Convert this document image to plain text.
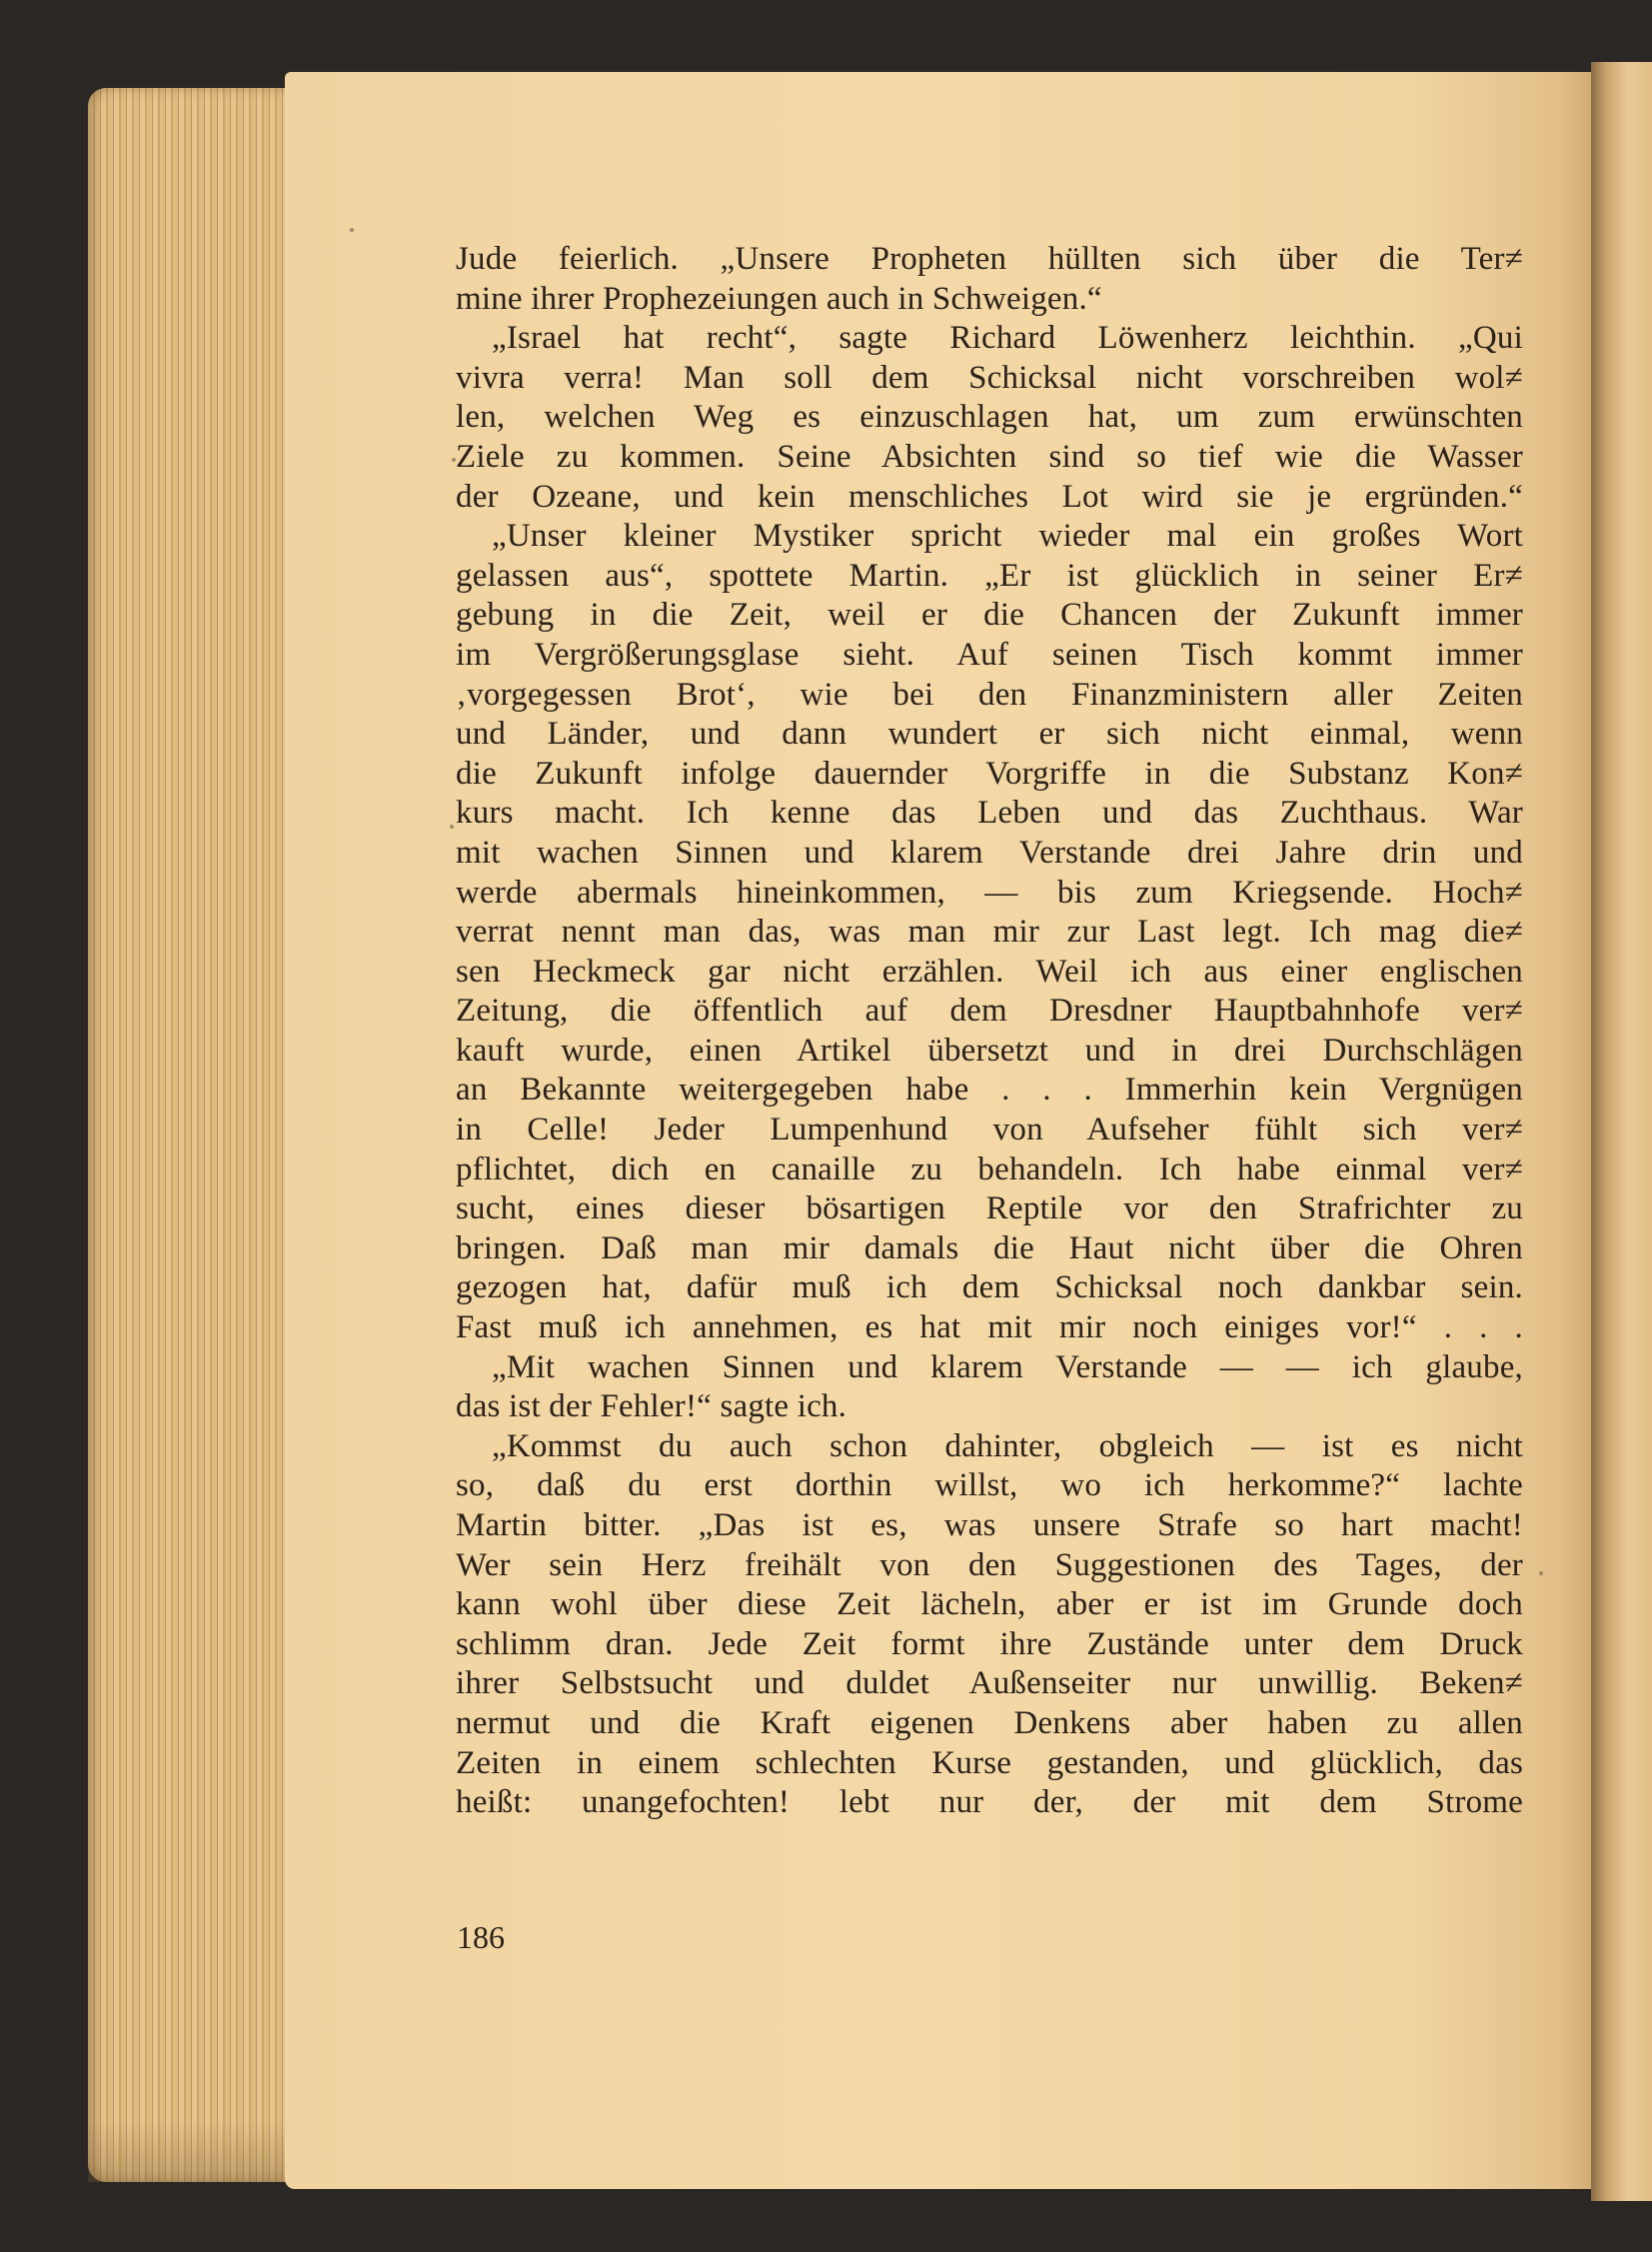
Jude feierlich. „Unsere Propheten hüllten sich über die Ter≠
mine ihrer Prophezeiungen auch in Schweigen.“
„Israel hat recht“, sagte Richard Löwenherz leichthin. „Qui
vivra verra! Man soll dem Schicksal nicht vorschreiben wol≠
len, welchen Weg es einzuschlagen hat, um zum erwünschten
Ziele zu kommen. Seine Absichten sind so tief wie die Wasser
der Ozeane, und kein menschliches Lot wird sie je ergründen.“
„Unser kleiner Mystiker spricht wieder mal ein großes Wort
gelassen aus“, spottete Martin. „Er ist glücklich in seiner Er≠
gebung in die Zeit, weil er die Chancen der Zukunft immer
im Vergrößerungsglase sieht. Auf seinen Tisch kommt immer
‚vorgegessen Brot‘, wie bei den Finanzministern aller Zeiten
und Länder, und dann wundert er sich nicht einmal, wenn
die Zukunft infolge dauernder Vorgriffe in die Substanz Kon≠
kurs macht. Ich kenne das Leben und das Zuchthaus. War
mit wachen Sinnen und klarem Verstande drei Jahre drin und
werde abermals hineinkommen, — bis zum Kriegsende. Hoch≠
verrat nennt man das, was man mir zur Last legt. Ich mag die≠
sen Heckmeck gar nicht erzählen. Weil ich aus einer englischen
Zeitung, die öffentlich auf dem Dresdner Hauptbahnhofe ver≠
kauft wurde, einen Artikel übersetzt und in drei Durchschlägen
an Bekannte weitergegeben habe . . . Immerhin kein Vergnügen
in Celle! Jeder Lumpenhund von Aufseher fühlt sich ver≠
pflichtet, dich en canaille zu behandeln. Ich habe einmal ver≠
sucht, eines dieser bösartigen Reptile vor den Strafrichter zu
bringen. Daß man mir damals die Haut nicht über die Ohren
gezogen hat, dafür muß ich dem Schicksal noch dankbar sein.
Fast muß ich annehmen, es hat mit mir noch einiges vor!“ . . .
„Mit wachen Sinnen und klarem Verstande — — ich glaube,
das ist der Fehler!“ sagte ich.
„Kommst du auch schon dahinter, obgleich — ist es nicht
so, daß du erst dorthin willst, wo ich herkomme?“ lachte
Martin bitter. „Das ist es, was unsere Strafe so hart macht!
Wer sein Herz freihält von den Suggestionen des Tages, der
kann wohl über diese Zeit lächeln, aber er ist im Grunde doch
schlimm dran. Jede Zeit formt ihre Zustände unter dem Druck
ihrer Selbstsucht und duldet Außenseiter nur unwillig. Beken≠
nermut und die Kraft eigenen Denkens aber haben zu allen
Zeiten in einem schlechten Kurse gestanden, und glücklich, das
heißt: unangefochten! lebt nur der, der mit dem Strome
186
